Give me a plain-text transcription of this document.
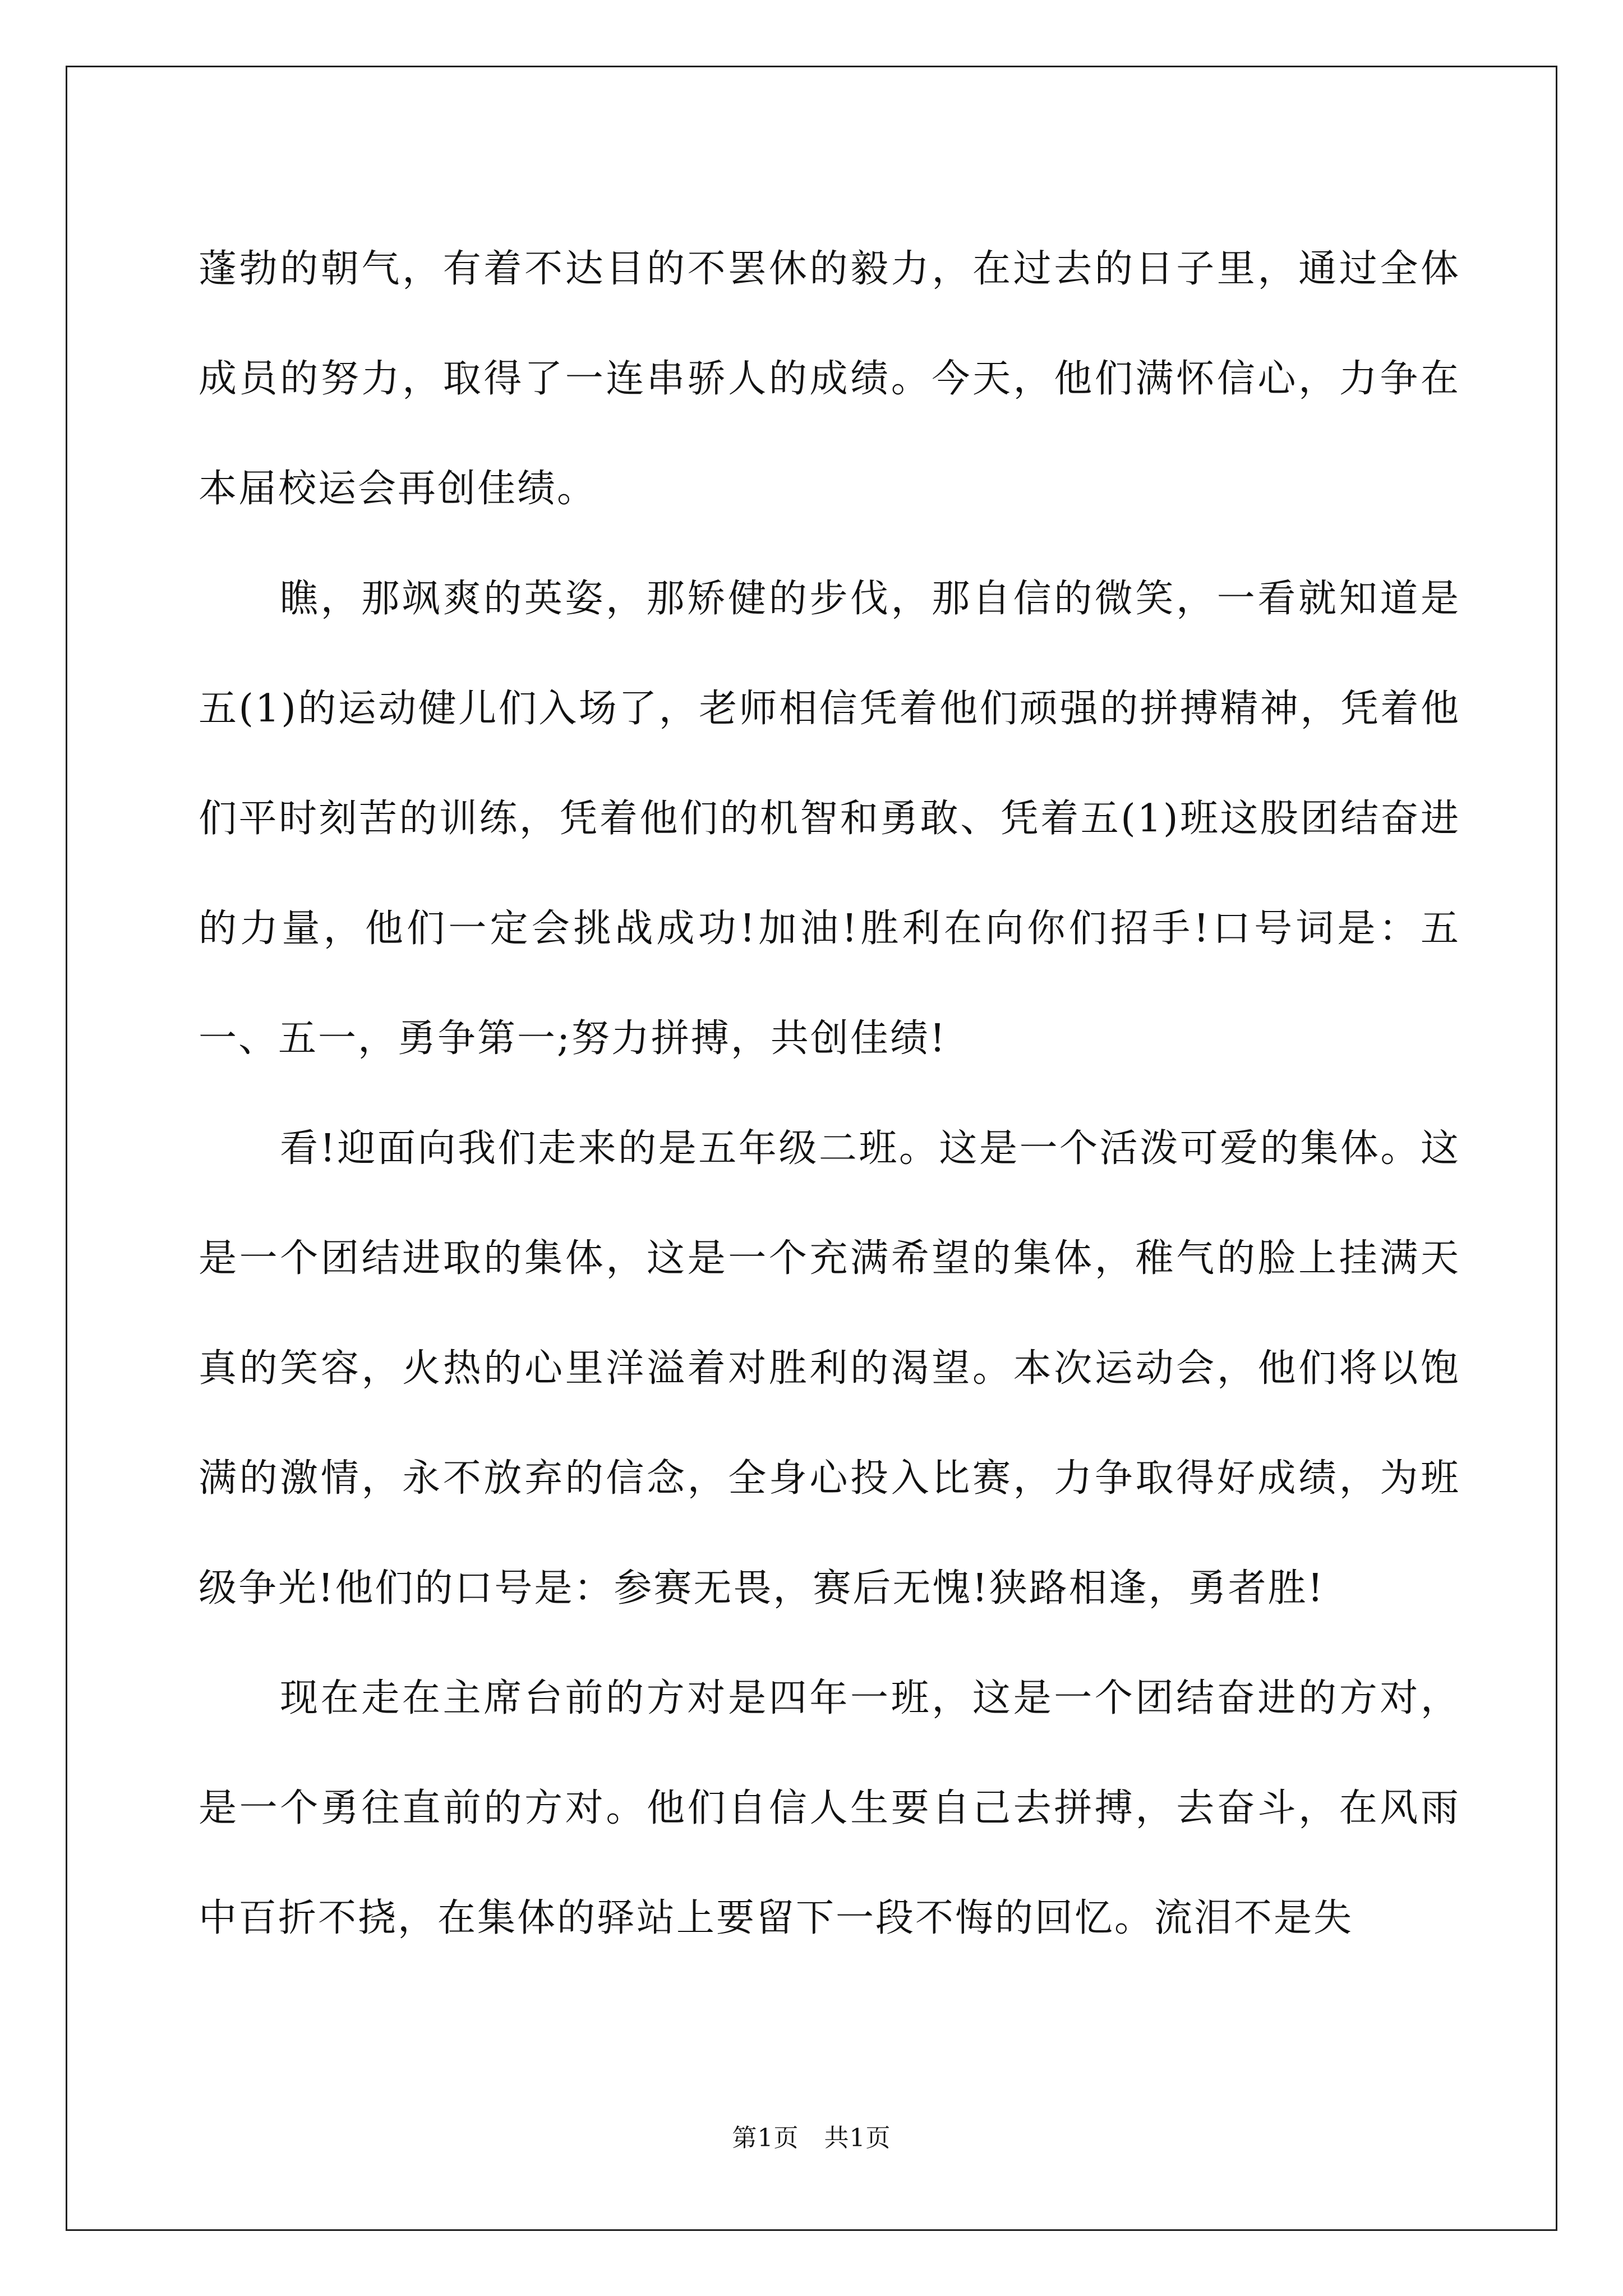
蓬勃的朝气，有着不达目的不罢休的毅力，在过去的日子里，通过全体成员的努力，取得了一连串骄人的成绩。今天，他们满怀信心，力争在本届校运会再创佳绩。

瞧，那飒爽的英姿，那矫健的步伐，那自信的微笑，一看就知道是五(1)的运动健儿们入场了，老师相信凭着他们顽强的拼搏精神，凭着他们平时刻苦的训练，凭着他们的机智和勇敢、凭着五(1)班这股团结奋进的力量，他们一定会挑战成功!加油!胜利在向你们招手!口号词是：五一、五一，勇争第一;努力拼搏，共创佳绩!

看!迎面向我们走来的是五年级二班。这是一个活泼可爱的集体。这是一个团结进取的集体，这是一个充满希望的集体，稚气的脸上挂满天真的笑容，火热的心里洋溢着对胜利的渴望。本次运动会，他们将以饱满的激情，永不放弃的信念，全身心投入比赛，力争取得好成绩，为班级争光!他们的口号是：参赛无畏，赛后无愧!狭路相逢，勇者胜!

现在走在主席台前的方对是四年一班，这是一个团结奋进的方对，是一个勇往直前的方对。他们自信人生要自己去拼搏，去奋斗，在风雨中百折不挠，在集体的驿站上要留下一段不悔的回忆。流泪不是失

第1页　共1页
